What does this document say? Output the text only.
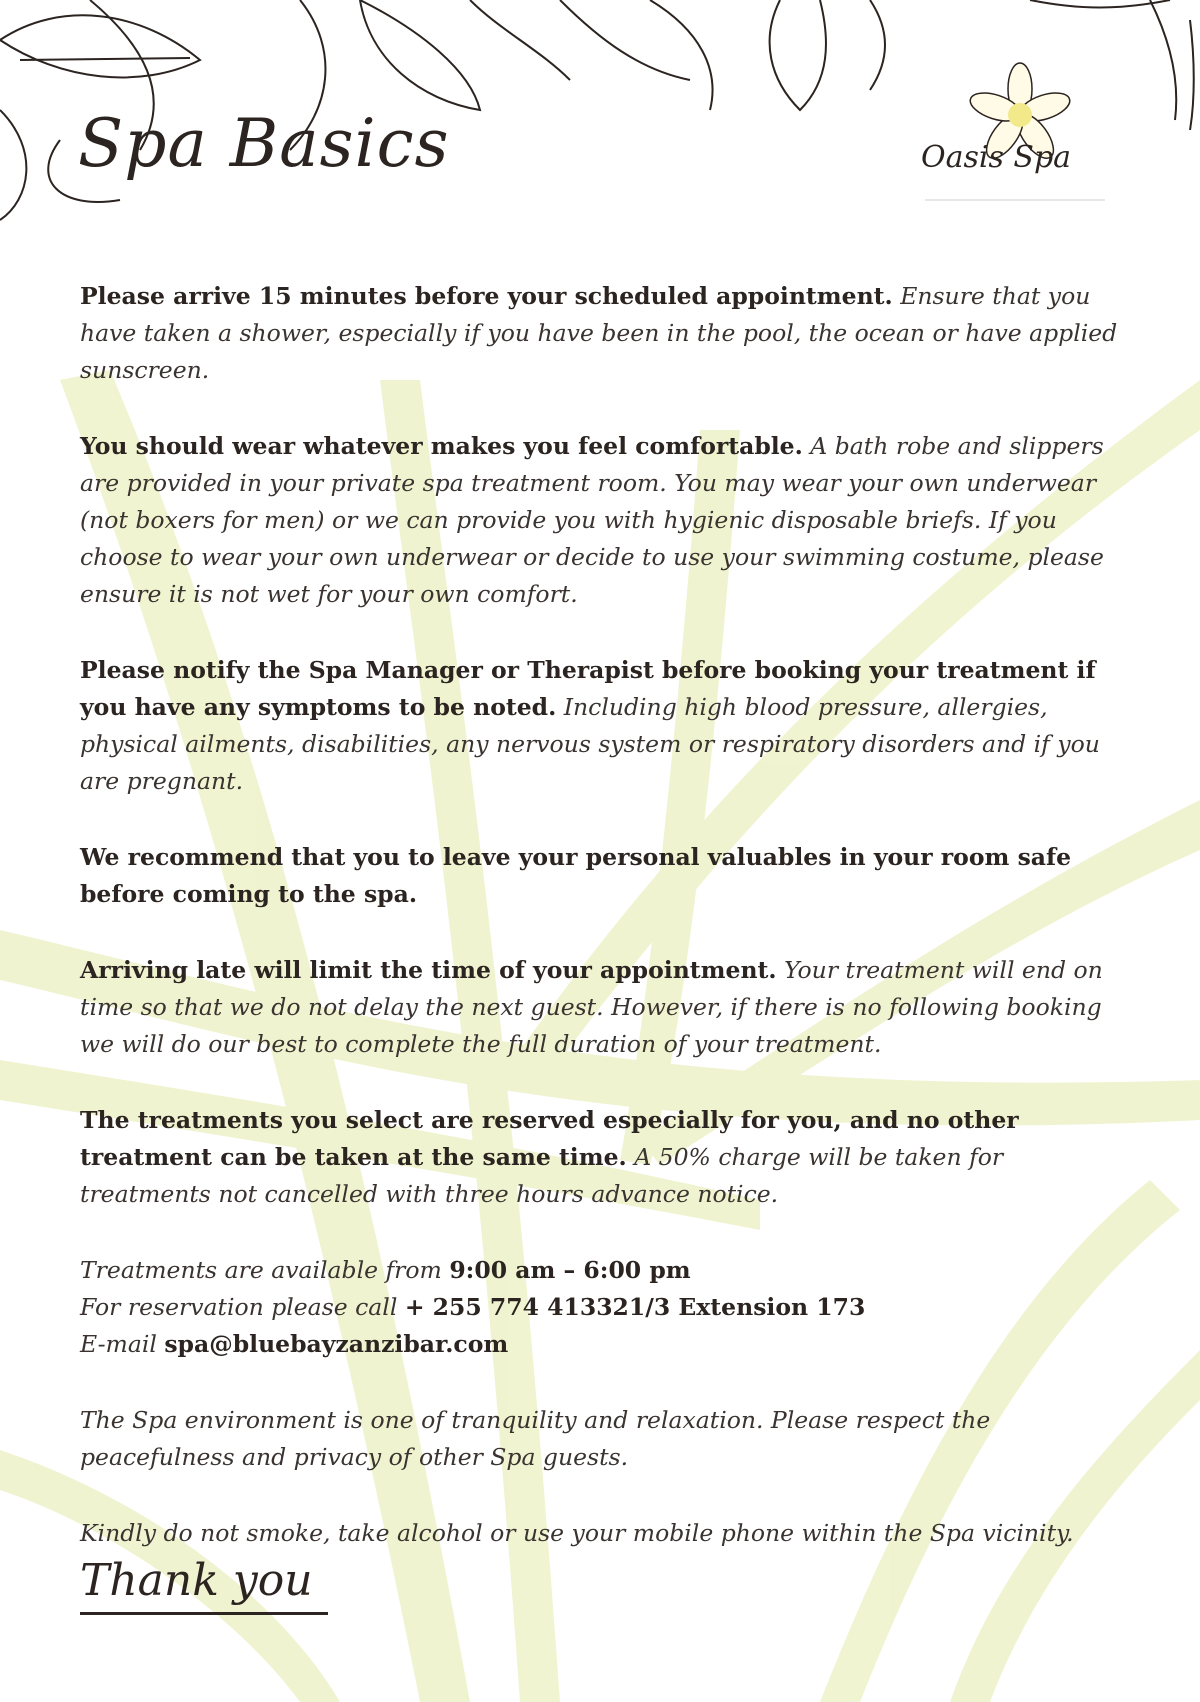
Spa Basics	Oasis Spa

Please arrive 15 minutes before your scheduled appointment. Ensure that you have taken a shower, especially if you have been in the pool, the ocean or have applied sunscreen.

You should wear whatever makes you feel comfortable. A bath robe and slippers are provided in your private spa treatment room. You may wear your own underwear (not boxers for men) or we can provide you with hygienic disposable briefs. If you choose to wear your own underwear or decide to use your swimming costume, please ensure it is not wet for your own comfort.

Please notify the Spa Manager or Therapist before booking your treatment if you have any symptoms to be noted. Including high blood pressure, allergies, physical ailments, disabilities, any nervous system or respiratory disorders and if you are pregnant.

We recommend that you to leave your personal valuables in your room safe before coming to the spa.

Arriving late will limit the time of your appointment. Your treatment will end on time so that we do not delay the next guest. However, if there is no following booking we will do our best to complete the full duration of your treatment.

The treatments you select are reserved especially for you, and no other treatment can be taken at the same time. A 50% charge will be taken for treatments not cancelled with three hours advance notice.

Treatments are available from 9:00 am – 6:00 pm
For reservation please call + 255 774 413321/3 Extension 173
E-mail spa@bluebayzanzibar.com

The Spa environment is one of tranquility and relaxation. Please respect the peacefulness and privacy of other Spa guests.

Kindly do not smoke, take alcohol or use your mobile phone within the Spa vicinity.

Thank you
